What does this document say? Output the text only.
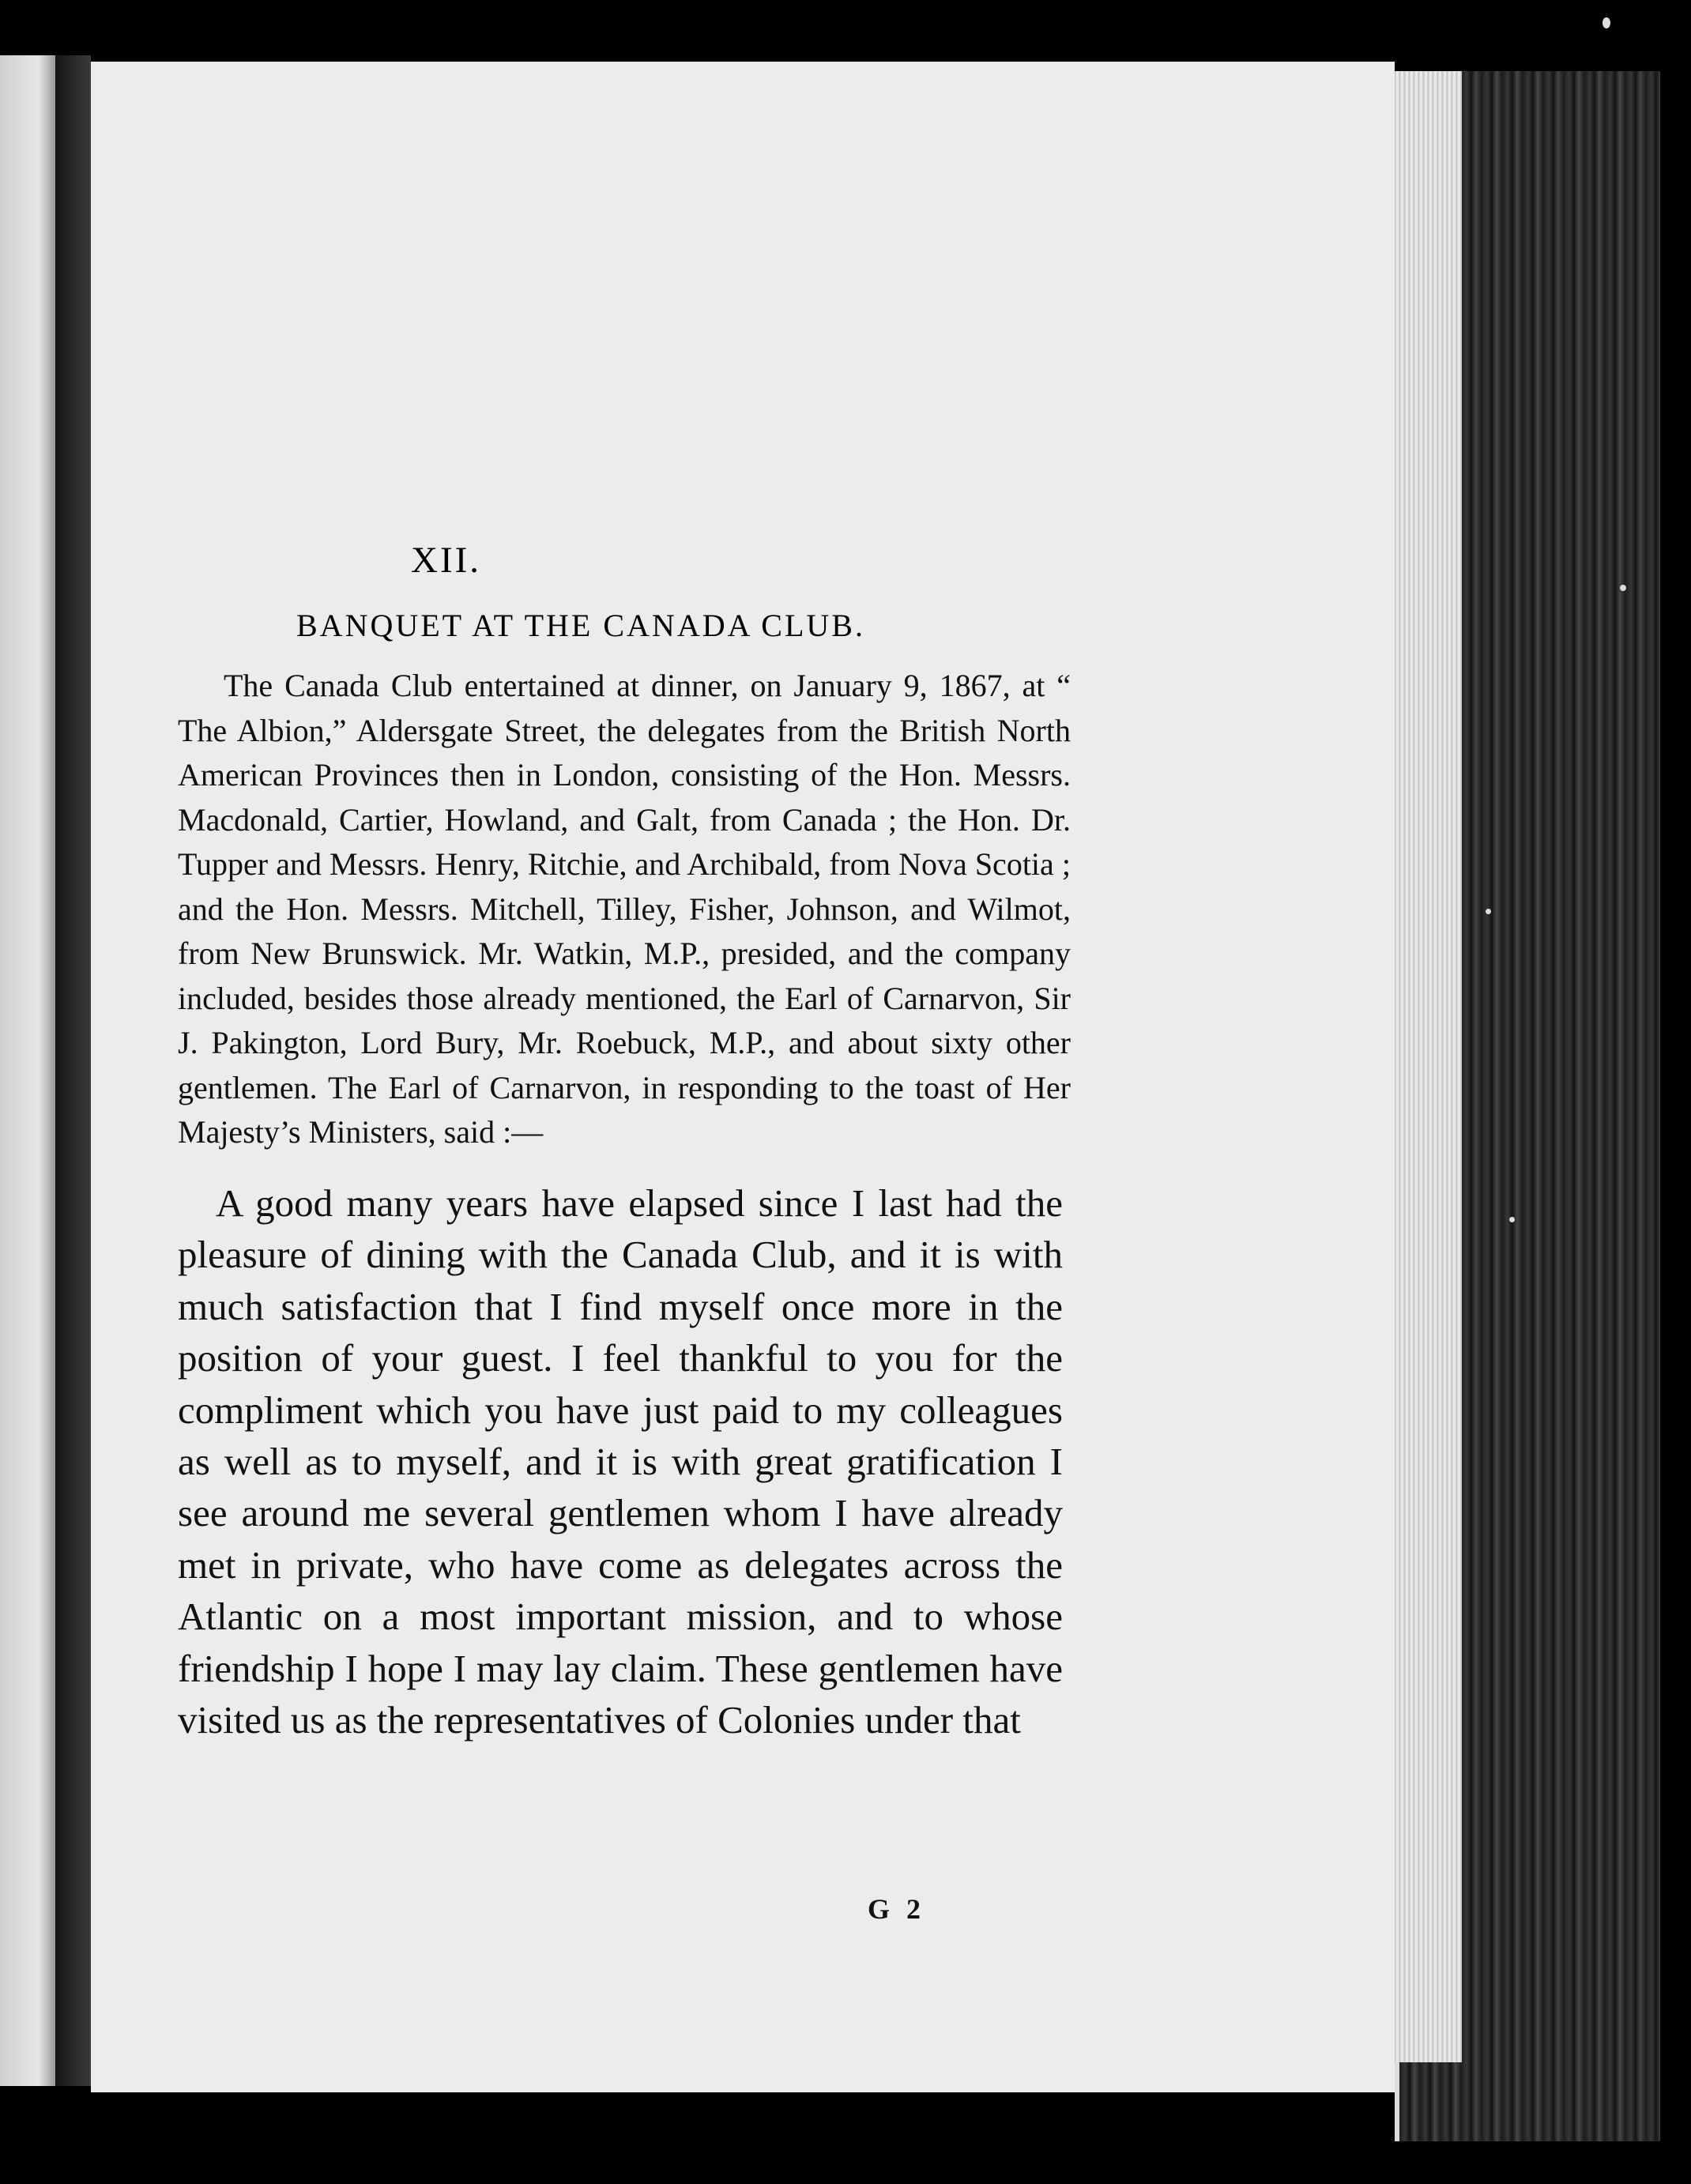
XII.
BANQUET AT THE CANADA CLUB.

The Canada Club entertained at dinner, on January 9, 1867, at “ The Albion,” Aldersgate Street, the delegates from the British North American Provinces then in London, consisting of the Hon. Messrs. Macdonald, Cartier, Howland, and Galt, from Canada ; the Hon. Dr. Tupper and Messrs. Henry, Ritchie, and Archibald, from Nova Scotia ; and the Hon. Messrs. Mitchell, Tilley, Fisher, Johnson, and Wilmot, from New Brunswick. Mr. Watkin, M.P., presided, and the company included, besides those already mentioned, the Earl of Carnarvon, Sir J. Pakington, Lord Bury, Mr. Roebuck, M.P., and about sixty other gentlemen. The Earl of Carnarvon, in responding to the toast of Her Majesty’s Ministers, said :—

A good many years have elapsed since I last had the pleasure of dining with the Canada Club, and it is with much satisfaction that I find myself once more in the position of your guest. I feel thankful to you for the compliment which you have just paid to my colleagues as well as to myself, and it is with great gratification I see around me several gentlemen whom I have already met in private, who have come as delegates across the Atlantic on a most important mission, and to whose friendship I hope I may lay claim. These gentlemen have visited us as the representatives of Colonies under that

G 2
